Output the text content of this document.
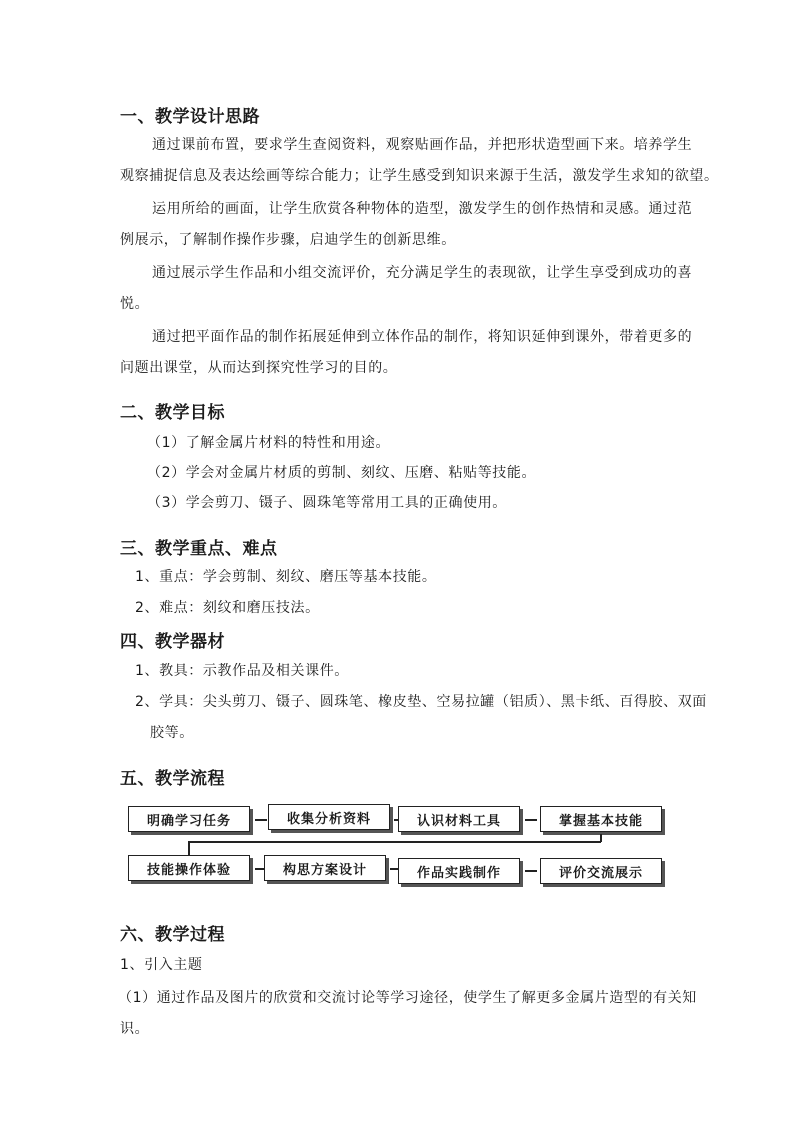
一、教学设计思路

通过课前布置，要求学生查阅资料，观察贴画作品，并把形状造型画下来。培养学生

观察捕捉信息及表达绘画等综合能力；让学生感受到知识来源于生活，激发学生求知的欲望。

运用所给的画面，让学生欣赏各种物体的造型，激发学生的创作热情和灵感。通过范

例展示，了解制作操作步骤，启迪学生的创新思维。

通过展示学生作品和小组交流评价，充分满足学生的表现欲，让学生享受到成功的喜

悦。

通过把平面作品的制作拓展延伸到立体作品的制作，将知识延伸到课外，带着更多的

问题出课堂，从而达到探究性学习的目的。

二、教学目标

（1）了解金属片材料的特性和用途。

（2）学会对金属片材质的剪制、刻纹、压磨、粘贴等技能。

（3）学会剪刀、镊子、圆珠笔等常用工具的正确使用。

三、教学重点、难点

1、重点：学会剪制、刻纹、磨压等基本技能。

2、难点：刻纹和磨压技法。

四、教学器材

1、教具：示教作品及相关课件。

2、学具：尖头剪刀、镊子、圆珠笔、橡皮垫、空易拉罐（铝质）、黑卡纸、百得胶、双面

胶等。

五、教学流程
明确学习任务	收集分析资料	认识材料工具	掌握基本技能
技能操作体验	构思方案设计	作品实践制作	评价交流展示
六、教学过程

1、引入主题

（1）通过作品及图片的欣赏和交流讨论等学习途径，使学生了解更多金属片造型的有关知

识。
